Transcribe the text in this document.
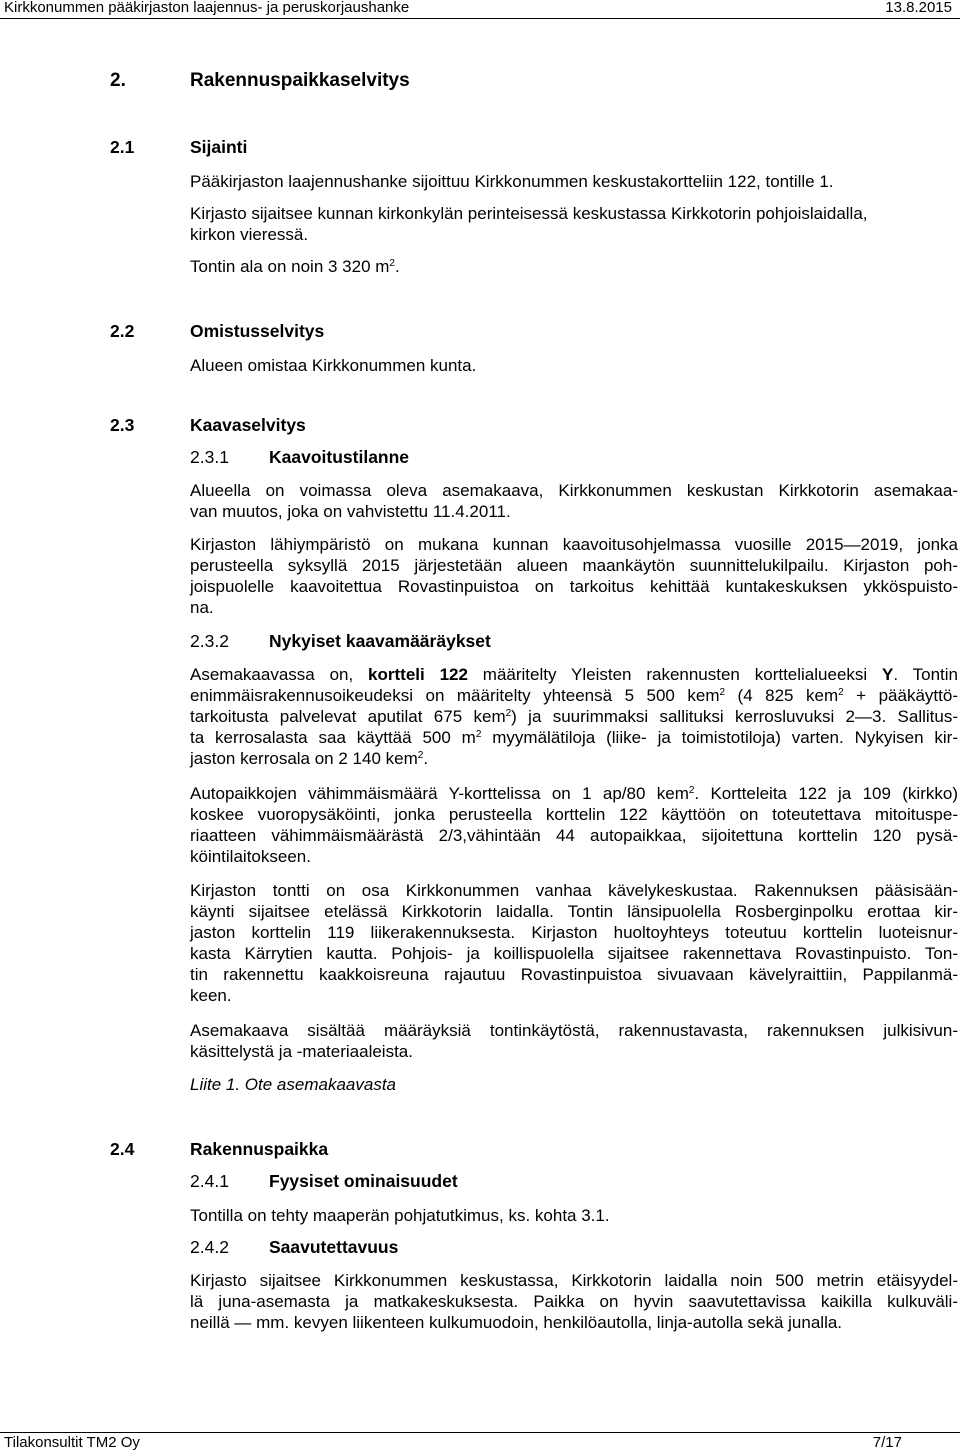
Kirkkonummen pääkirjaston laajennus- ja peruskorjaushanke	13.8.2015
2.	Rakennuspaikkaselvitys
2.1	Sijainti

Pääkirjaston laajennushanke sijoittuu Kirkkonummen keskustakortteliin 122, tontille 1.

Kirjasto sijaitsee kunnan kirkonkylän perinteisessä keskustassa Kirkkotorin pohjoislaidalla,
kirkon vieressä.

Tontin ala on noin 3 320 $m^2$.

2.2	Omistusselvitys

Alueen omistaa Kirkkonummen kunta.

2.3	Kaavaselvitys
2.3.1 Kaavoitustilanne

Alueella on voimassa oleva asemakaava, Kirkkonummen keskustan Kirkkotorin asemakaa-
van muutos, joka on vahvistettu 11.4.2011.

Kirjaston lähiympäristö on mukana kunnan kaavoitusohjelmassa vuosille 2015—2019, jonka
perusteella syksyllä 2015 järjestetään alueen maankäytön suunnittelukilpailu. Kirjaston poh-
joispuolelle kaavoitettua Rovastinpuistoa on tarkoitus kehittää kuntakeskuksen ykköspuisto-
na.

2.3.2 Nykyiset kaavamääräykset

Asemakaavassa on, kortteli 122 määritelty Yleisten rakennusten korttelialueeksi Y. Tontin
enimmäisrakennusoikeudeksi on määritelty yhteensä 5 500 kem$^2$ (4 825 kem$^2$ + pääkäyttö-
tarkoitusta palvelevat aputilat 675 kem$^2$) ja suurimmaksi sallituksi kerrosluvuksi 2—3. Sallitus-
ta kerrosalasta saa käyttää 500 $m^2$ myymälätiloja (liike- ja toimistotiloja) varten. Nykyisen kir-
jaston kerrosala on 2 140 kem$^2$.

Autopaikkojen vähimmäismäärä Y-korttelissa on 1 ap/80 kem$^2$. Kortteleita 122 ja 109 (kirkko)
koskee vuoropysäköinti, jonka perusteella korttelin 122 käyttöön on toteutettava mitoituspe-
riaatteen vähimmäismäärästä 2/3,vähintään 44 autopaikkaa, sijoitettuna korttelin 120 pysä-
köintilaitokseen.

Kirjaston tontti on osa Kirkkonummen vanhaa kävelykeskustaa. Rakennuksen pääsisään-
käynti sijaitsee etelässä Kirkkotorin laidalla. Tontin länsipuolella Rosberginpolku erottaa kir-
jaston korttelin 119 liikerakennuksesta. Kirjaston huoltoyhteys toteutuu korttelin luoteisnur-
kasta Kärrytien kautta. Pohjois- ja koillispuolella sijaitsee rakennettava Rovastinpuisto. Ton-
tin rakennettu kaakkoisreuna rajautuu Rovastinpuistoa sivuavaan kävelyraittiin, Pappilanmä-
keen.

Asemakaava sisältää määräyksiä tontinkäytöstä, rakennustavasta, rakennuksen julkisivun-
käsittelystä ja -materiaaleista.

Liite 1. Ote asemakaavasta

2.4	Rakennuspaikka
2.4.1 Fyysiset ominaisuudet

Tontilla on tehty maaperän pohjatutkimus, ks. kohta 3.1.

2.4.2 Saavutettavuus

Kirjasto sijaitsee Kirkkonummen keskustassa, Kirkkotorin laidalla noin 500 metrin etäisyydel-
lä juna-asemasta ja matkakeskuksesta. Paikka on hyvin saavutettavissa kaikilla kulkuväli-
neillä — mm. kevyen liikenteen kulkumuodoin, henkilöautolla, linja-autolla sekä junalla.

Tilakonsultit TM2 Oy	7/17
